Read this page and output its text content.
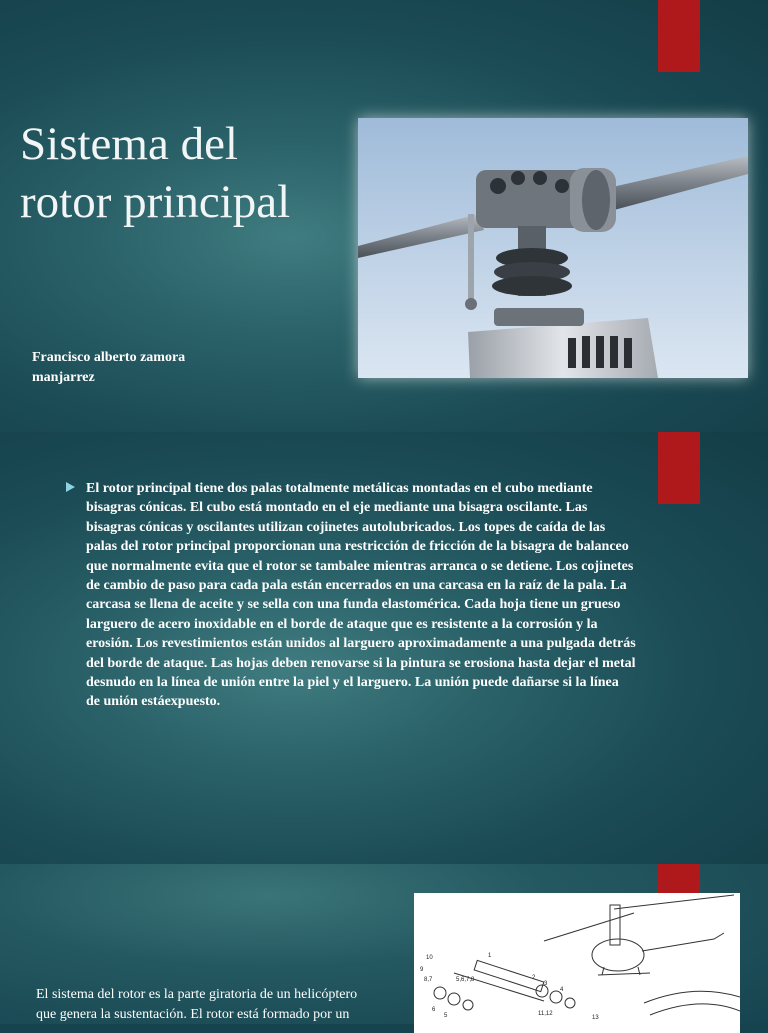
Sistema del
rotor principal
Francisco alberto zamora
manjarrez

El rotor principal tiene dos palas totalmente metálicas montadas en el cubo mediante bisagras cónicas. El cubo está montado en el eje mediante una bisagra oscilante. Las bisagras cónicas y oscilantes utilizan cojinetes autolubricados. Los topes de caída de las palas del rotor principal proporcionan una restricción de fricción de la bisagra de balanceo que normalmente evita que el rotor se tambalee mientras arranca o se detiene. Los cojinetes de cambio de paso para cada pala están encerrados en una carcasa en la raíz de la pala. La carcasa se llena de aceite y se sella con una funda elastomérica. Cada hoja tiene un grueso larguero de acero inoxidable en el borde de ataque que es resistente a la corrosión y la erosión. Los revestimientos están unidos al larguero aproximadamente a una pulgada detrás del borde de ataque. Las hojas deben renovarse si la pintura se erosiona hasta dejar el metal desnudo en la línea de unión entre la piel y el larguero. La unión puede dañarse si la línea de unión estáexpuesto.

10
9
8,7
6
5
1
2
3
4
5,6,7,8
11,12
13
El sistema del rotor es la parte giratoria de un helicóptero
que genera la sustentación. El rotor está formado por un
